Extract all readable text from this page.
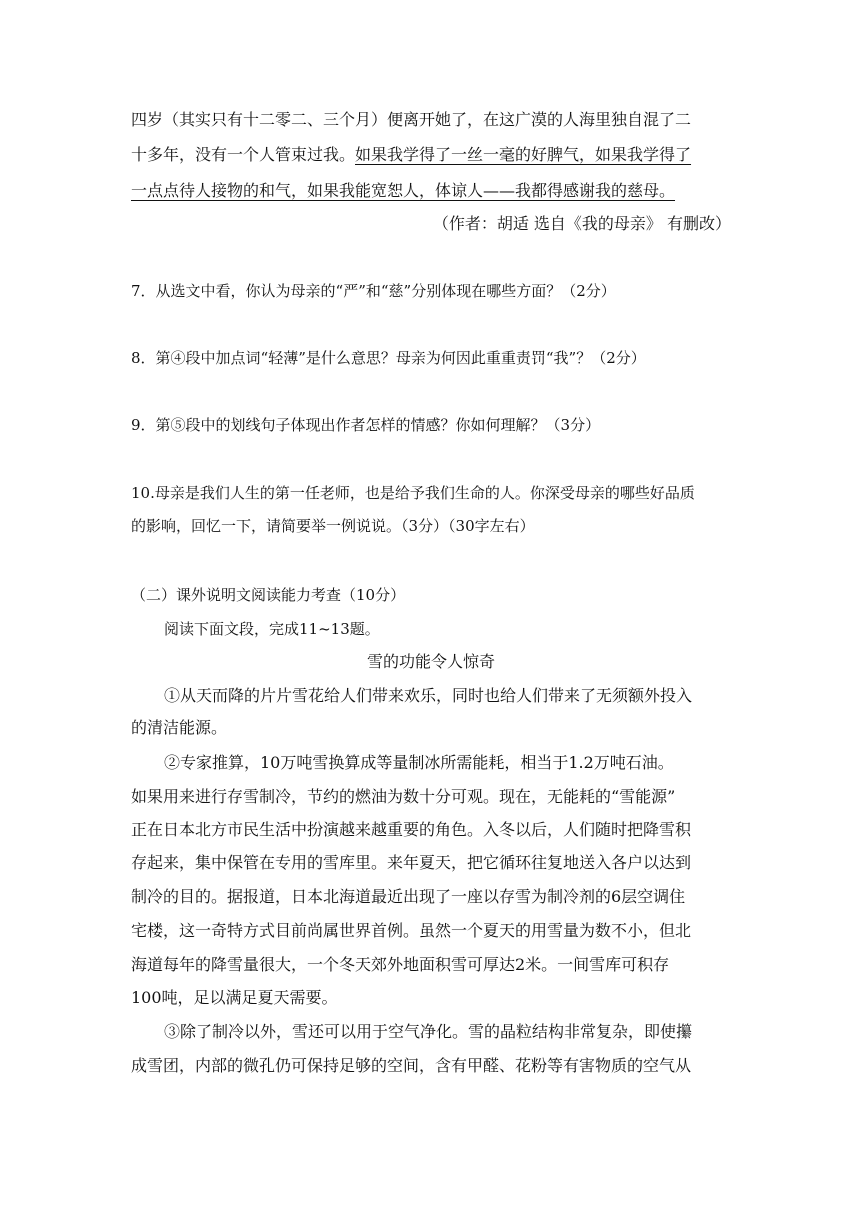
四岁（其实只有十二零二、三个月）便离开她了，在这广漠的人海里独自混了二
十多年，没有一个人管束过我。如果我学得了一丝一毫的好脾气，如果我学得了
一点点待人接物的和气，如果我能宽恕人，体谅人——我都得感谢我的慈母。
（作者：胡适 选自《我的母亲》 有删改）
7．从选文中看，你认为母亲的“严”和“慈”分别体现在哪些方面？（2分）
8．第④段中加点词“轻薄”是什么意思？母亲为何因此重重责罚“我”？（2分）
9．第⑤段中的划线句子体现出作者怎样的情感？你如何理解？（3分）
10.母亲是我们人生的第一任老师，也是给予我们生命的人。你深受母亲的哪些好品质
的影响，回忆一下，请简要举一例说说。（3分）（30字左右）
（二）课外说明文阅读能力考查（10分）
阅读下面文段，完成11~13题。
雪的功能令人惊奇
①从天而降的片片雪花给人们带来欢乐，同时也给人们带来了无须额外投入
的清洁能源。
②专家推算，10万吨雪换算成等量制冰所需能耗，相当于1.2万吨石油。
如果用来进行存雪制冷，节约的燃油为数十分可观。现在，无能耗的“雪能源”
正在日本北方市民生活中扮演越来越重要的角色。入冬以后，人们随时把降雪积
存起来，集中保管在专用的雪库里。来年夏天，把它循环往复地送入各户以达到
制冷的目的。据报道，日本北海道最近出现了一座以存雪为制冷剂的6层空调住
宅楼，这一奇特方式目前尚属世界首例。虽然一个夏天的用雪量为数不小，但北
海道每年的降雪量很大，一个冬天郊外地面积雪可厚达2米。一间雪库可积存
100吨，足以满足夏天需要。
③除了制冷以外，雪还可以用于空气净化。雪的晶粒结构非常复杂，即使攥
成雪团，内部的微孔仍可保持足够的空间，含有甲醛、花粉等有害物质的空气从
